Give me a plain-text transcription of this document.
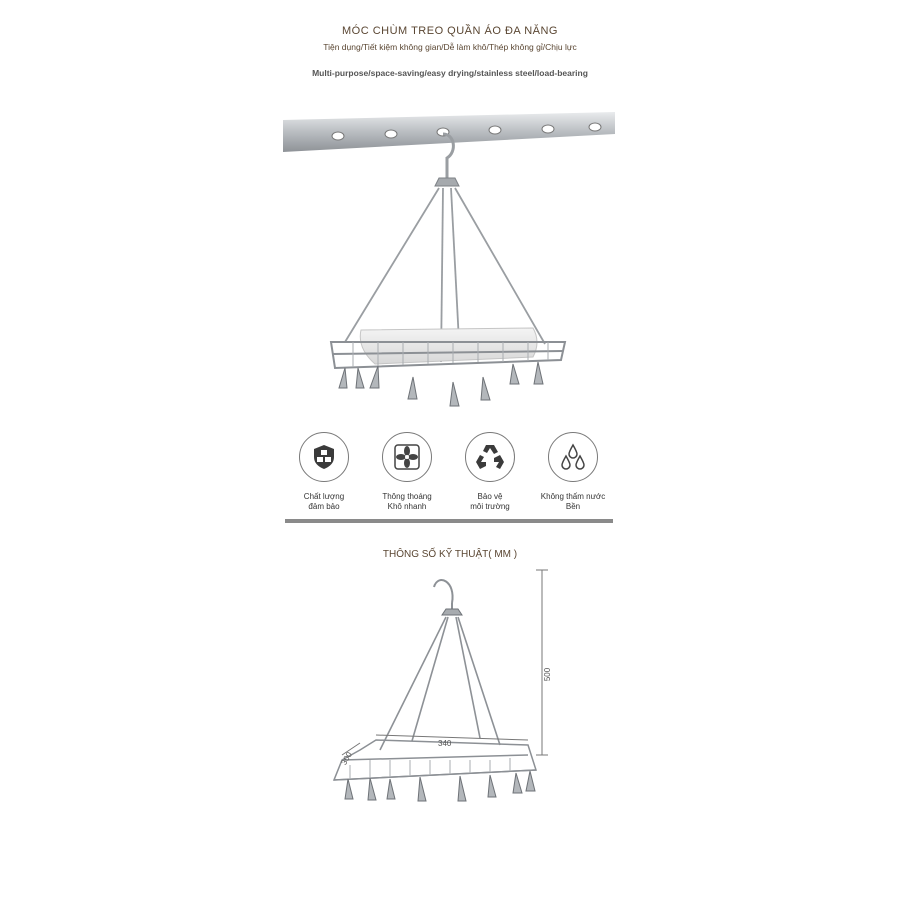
MÓC CHÙM TREO QUẦN ÁO ĐA NĂNG
Tiện dụng/Tiết kiệm không gian/Dễ làm khô/Thép không gỉ/Chịu lực
Multi-purpose/space-saving/easy drying/stainless steel/load-bearing
Chất lượng
đảm bảo
Thông thoáng
Khô nhanh
Bảo vệ
môi trường
Không thấm nước
Bền
THÔNG SỐ KỸ THUẬT( MM )
500
340
300
